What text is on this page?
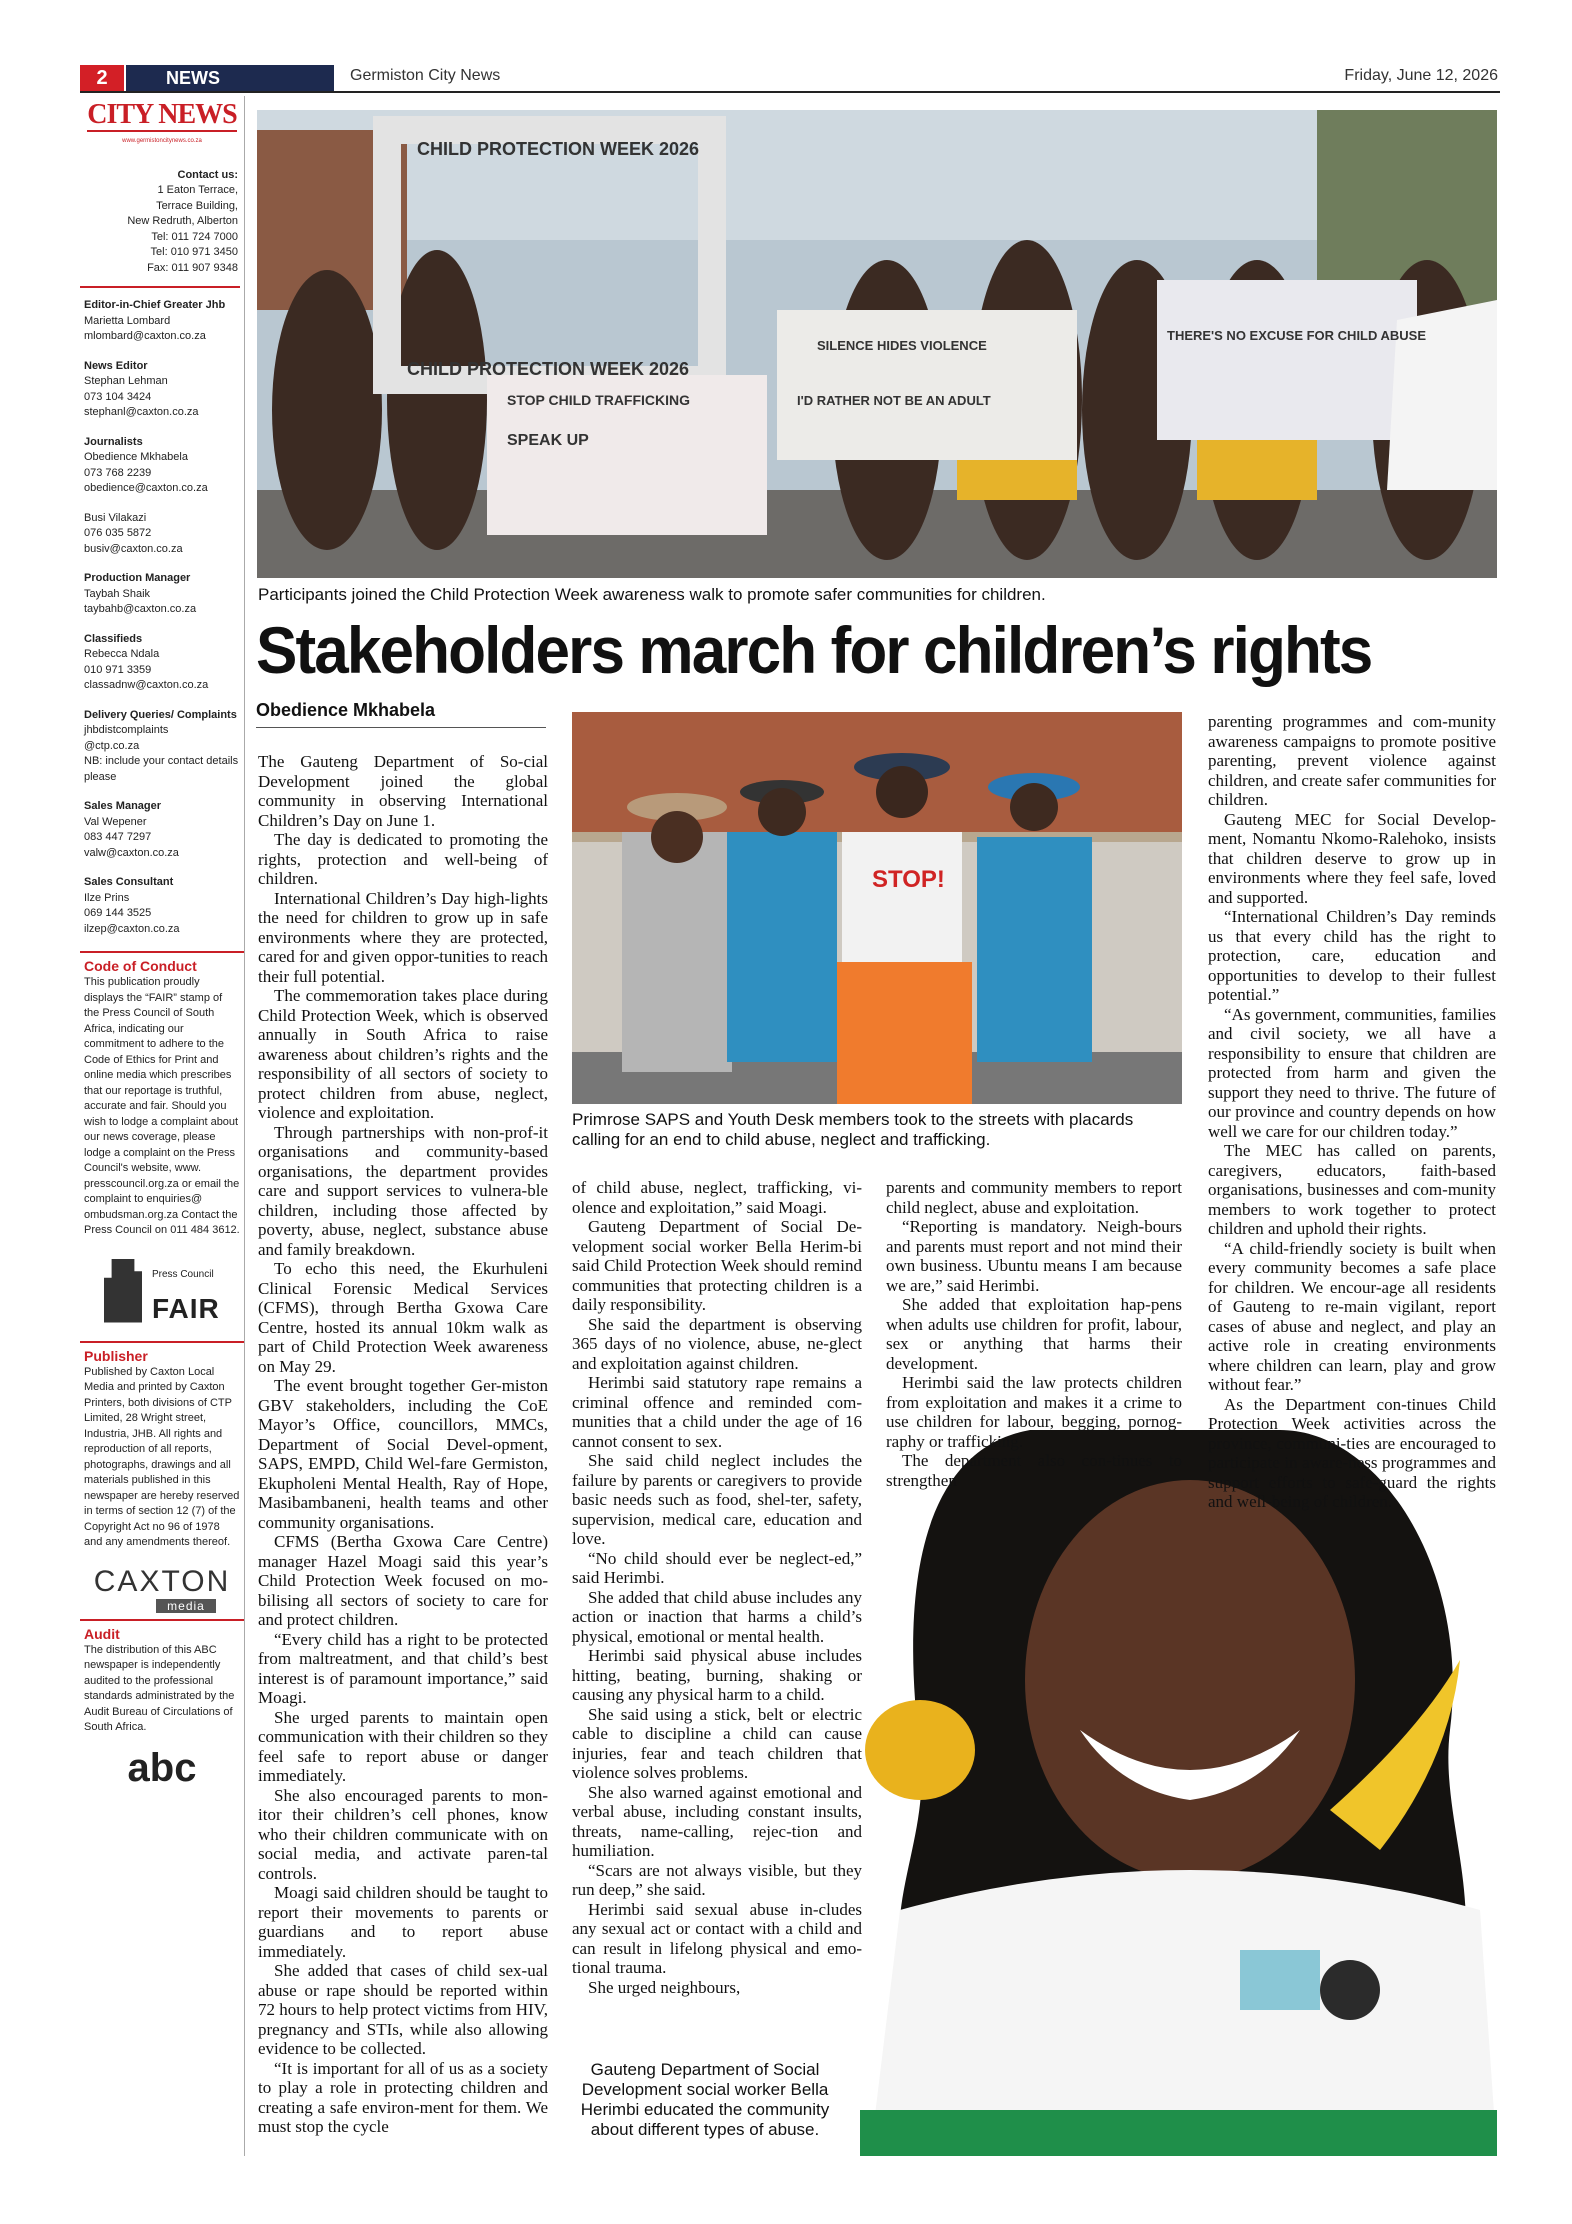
2	NEWS	Germiston City News	Friday, June 12, 2026
CITY NEWS
www.germistoncitynews.co.za
Contact us:
1 Eaton Terrace,
Terrace Building,
New Redruth, Alberton
Tel: 011 724 7000
Tel: 010 971 3450
Fax: 011 907 9348
Editor-in-Chief Greater Jhb
Marietta Lombard
mlombard@caxton.co.za
News Editor
Stephan Lehman
073 104 3424
stephanl@caxton.co.za
Journalists
Obedience Mkhabela
073 768 2239
obedience@caxton.co.za
Busi Vilakazi
076 035 5872
busiv@caxton.co.za
Production Manager
Taybah Shaik
taybahb@caxton.co.za
Classifieds
Rebecca Ndala
010 971 3359
classadnw@caxton.co.za
Delivery Queries/ Complaints
jhbdistcomplaints
@ctp.co.za
NB: include your contact details please
Sales Manager
Val Wepener
083 447 7297
valw@caxton.co.za
Sales Consultant
Ilze Prins
069 144 3525
ilzep@caxton.co.za
Code of Conduct
This publication proudly displays the “FAIR” stamp of the Press Council of South Africa, indicating our commitment to adhere to the Code of Ethics for Print and online media which prescribes that our reportage is truthful, accurate and fair. Should you wish to lodge a complaint about our news coverage, please lodge a complaint on the Press Council's website, www. presscouncil.org.za or email the complaint to enquiries@ ombudsman.org.za Contact the Press Council on 011 484 3612.
Press Council
FAIR
Publisher
Published by Caxton Local Media and printed by Caxton Printers, both divisions of CTP Limited, 28 Wright street, Industria, JHB. All rights and reproduction of all reports, photographs, drawings and all materials published in this newspaper are hereby reserved in terms of section 12 (7) of the Copyright Act no 96 of 1978 and any amendments thereof.
CAXTON
media
Audit
The distribution of this ABC newspaper is independently audited to the professional standards administrated by the Audit Bureau of Circulations of South Africa.
abc
CHILD PROTECTION WEEK 2026
CHILD PROTECTION WEEK 2026
STOP CHILD TRAFFICKING
SPEAK UP
I'D RATHER NOT BE AN ADULT
SILENCE HIDES VIOLENCE
THERE'S NO EXCUSE FOR CHILD ABUSE
Participants joined the Child Protection Week awareness walk to promote safer communities for children.
Stakeholders march for children’s rights
Obedience Mkhabela
STOP!
Primrose SAPS and Youth Desk members took to the streets with placards calling for an end to child abuse, neglect and trafficking.

The Gauteng Department of So-cial Development joined the global community in observing International Children’s Day on June 1.

The day is dedicated to promoting the rights, protection and well-being of children.

International Children’s Day high-lights the need for children to grow up in safe environments where they are protected, cared for and given oppor-tunities to reach their full potential.

The commemoration takes place during Child Protection Week, which is observed annually in South Africa to raise awareness about children’s rights and the responsibility of all sectors of society to protect children from abuse, neglect, violence and exploitation.

Through partnerships with non-prof-it organisations and community-based organisations, the department provides care and support services to vulnera-ble children, including those affected by poverty, abuse, neglect, substance abuse and family breakdown.

To echo this need, the Ekurhuleni Clinical Forensic Medical Services (CFMS), through Bertha Gxowa Care Centre, hosted its annual 10km walk as part of Child Protection Week awareness on May 29.

The event brought together Ger-miston GBV stakeholders, including the CoE Mayor’s Office, councillors, MMCs, Department of Social Devel-opment, SAPS, EMPD, Child Wel-fare Germiston, Ekupholeni Mental Health, Ray of Hope, Masibambaneni, health teams and other community organisations.

CFMS (Bertha Gxowa Care Centre) manager Hazel Moagi said this year’s Child Protection Week focused on mo-bilising all sectors of society to care for and protect children.

“Every child has a right to be protected from maltreatment, and that child’s best interest is of paramount importance,” said Moagi.

She urged parents to maintain open communication with their children so they feel safe to report abuse or danger immediately.

She also encouraged parents to mon-itor their children’s cell phones, know who their children communicate with on social media, and activate paren-tal controls.

Moagi said children should be taught to report their movements to parents or guardians and to report abuse immediately.

She added that cases of child sex-ual abuse or rape should be reported within 72 hours to help protect victims from HIV, pregnancy and STIs, while also allowing evidence to be collected.

“It is important for all of us as a society to play a role in protecting children and creating a safe environ-ment for them. We must stop the cycle

of child abuse, neglect, trafficking, vi-olence and exploitation,” said Moagi.

Gauteng Department of Social De-velopment social worker Bella Herim-bi said Child Protection Week should remind communities that protecting children is a daily responsibility.

She said the department is observing 365 days of no violence, abuse, ne-glect and exploitation against children.

Herimbi said statutory rape remains a criminal offence and reminded com-munities that a child under the age of 16 cannot consent to sex.

She said child neglect includes the failure by parents or caregivers to provide basic needs such as food, shel-ter, safety, supervision, medical care, education and love.

“No child should ever be neglect-ed,” said Herimbi.

She added that child abuse includes any action or inaction that harms a child’s physical, emotional or mental health.

Herimbi said physical abuse includes hitting, beating, burning, shaking or causing any physical harm to a child.

She said using a stick, belt or electric cable to discipline a child can cause injuries, fear and teach children that violence solves problems.

She also warned against emotional and verbal abuse, including constant insults, threats, name-calling, rejec-tion and humiliation.

“Scars are not always visible, but they run deep,” she said.

Herimbi said sexual abuse in-cludes any sexual act or contact with a child and can result in lifelong physical and emo-tional trauma.

She urged neighbours,

parents and community members to report child neglect, abuse and exploitation.

“Reporting is mandatory. Neigh-bours and parents must report and not mind their own business. Ubuntu means I am because we are,” said Herimbi.

She added that exploitation hap-pens when adults use children for profit, labour, sex or anything that harms their development.

Herimbi said the law protects children from exploitation and makes it a crime to use children for labour, begging, pornog-raphy or trafficking.

The department also con-tinues to strengthen

parenting programmes and com-munity awareness campaigns to promote positive parenting, prevent violence against children, and create safer communities for children.

Gauteng MEC for Social Develop-ment, Nomantu Nkomo-Ralehoko, insists that children deserve to grow up in environments where they feel safe, loved and supported.

“International Children’s Day reminds us that every child has the right to protection, care, education and opportunities to develop to their fullest potential.”

“As government, communities, families and civil society, we all have a responsibility to ensure that children are protected from harm and given the support they need to thrive. The future of our province and country depends on how well we care for our children today.”

The MEC has called on parents, caregivers, educators, faith-based organisations, businesses and com-munity members to work together to protect children and uphold their rights.

“A child-friendly society is built when every community becomes a safe place for children. We encour-age all residents of Gauteng to re-main vigilant, report cases of abuse and neglect, and play an active role in creating environments where children can learn, play and grow without fear.”

As the Department con-tinues Child Protection Week activities across the province, communi-ties are encouraged to participate in aware-ness programmes and support efforts to safe-guard the rights and well-being of children.

Gauteng Department of Social Development social worker Bella Herimbi educated the community about different types of abuse.
